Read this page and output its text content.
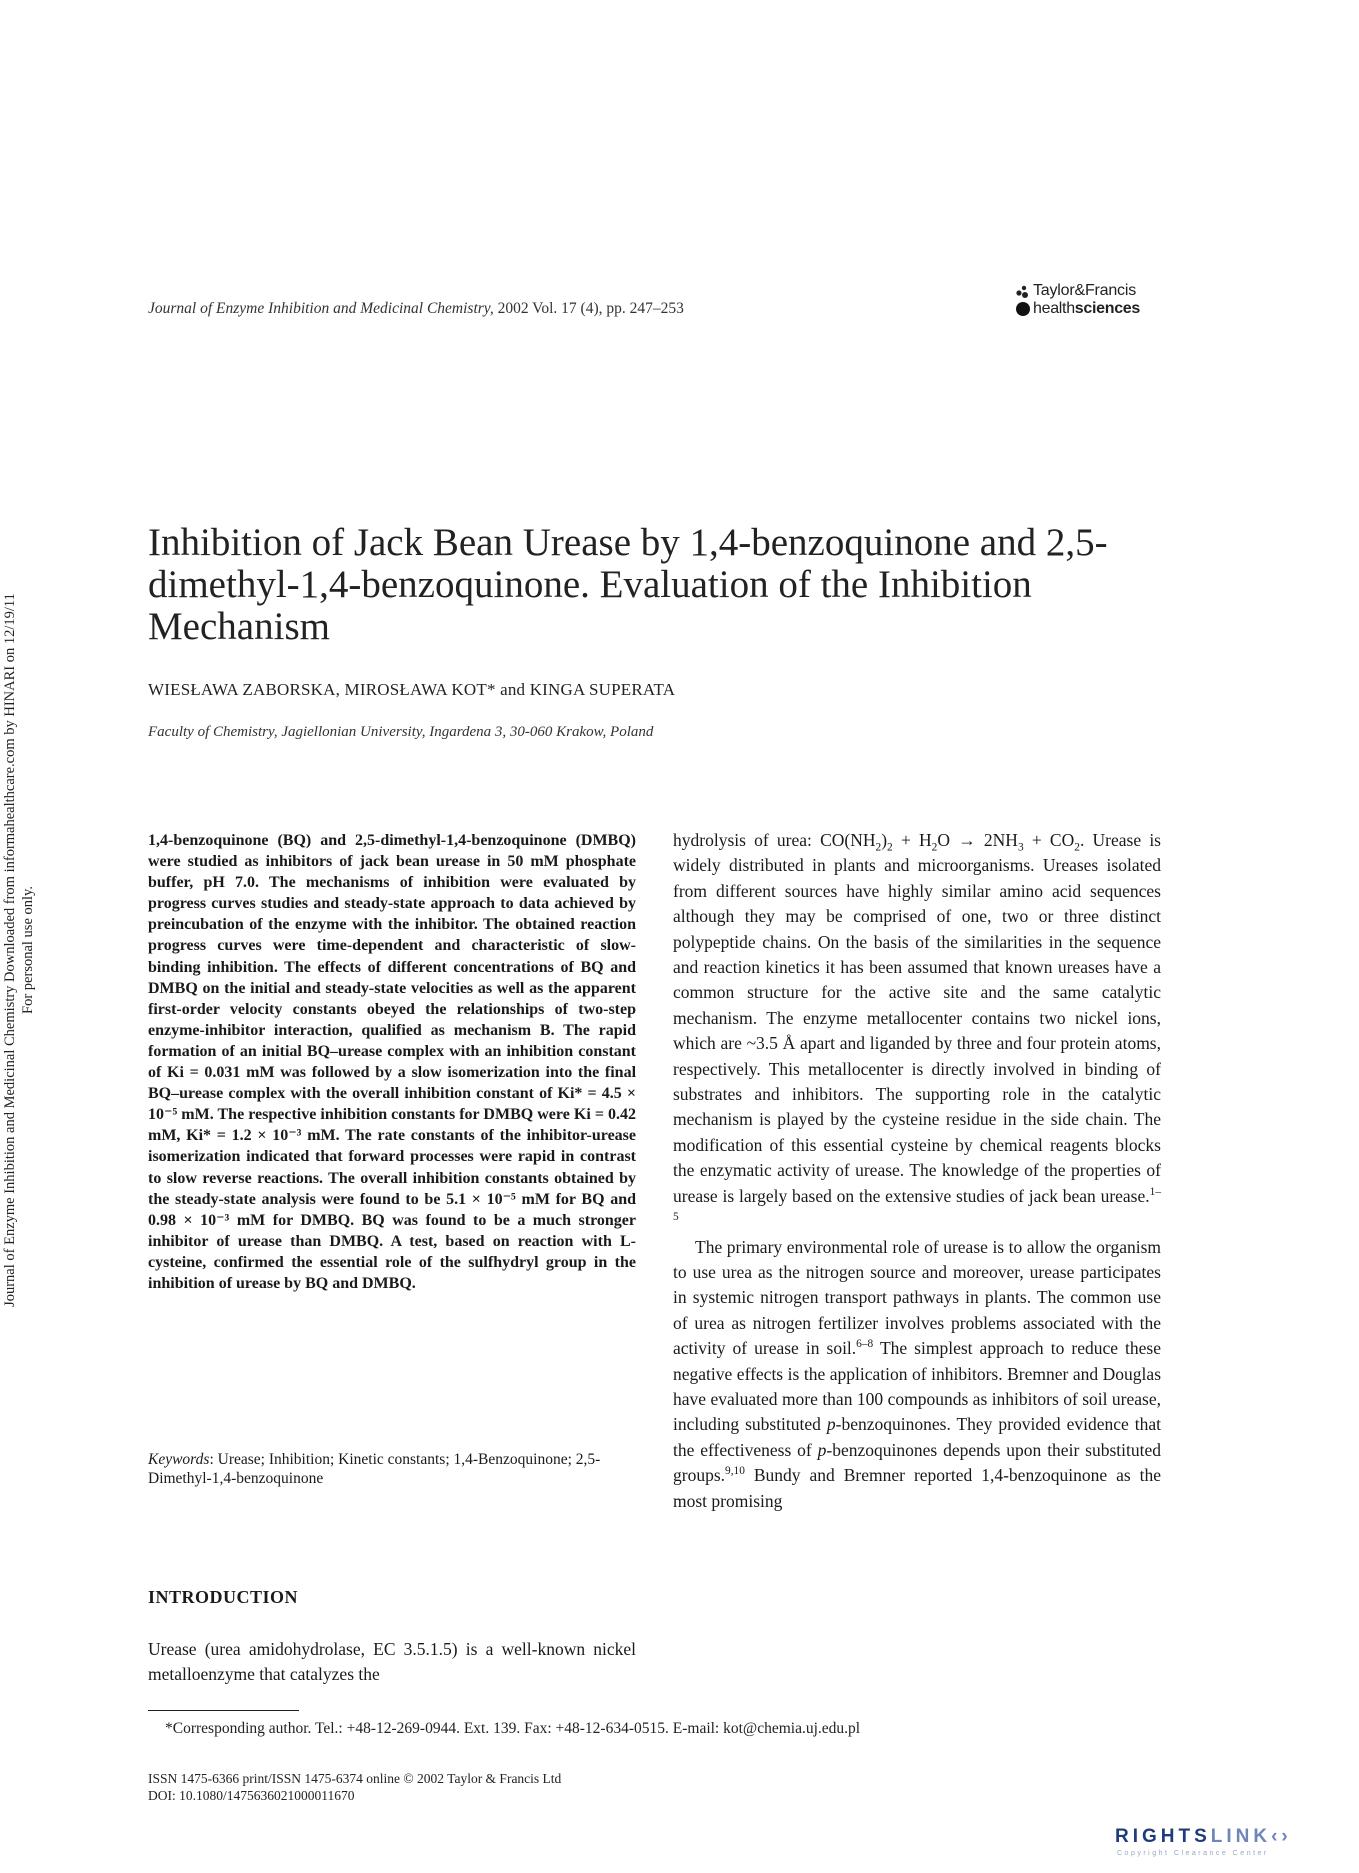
Journal of Enzyme Inhibition and Medicinal Chemistry, 2002 Vol. 17 (4), pp. 247–253
Taylor&Francis
healthsciences
Journal of Enzyme Inhibition and Medicinal Chemistry Downloaded from informahealthcare.com by HINARI on 12/19/11 For personal use only.
Inhibition of Jack Bean Urease by 1,4-benzoquinone and 2,5-dimethyl-1,4-benzoquinone. Evaluation of the Inhibition Mechanism
WIESŁAWA ZABORSKA, MIROSŁAWA KOT* and KINGA SUPERATA
Faculty of Chemistry, Jagiellonian University, Ingardena 3, 30-060 Krakow, Poland

1,4-benzoquinone (BQ) and 2,5-dimethyl-1,4-benzoquinone (DMBQ) were studied as inhibitors of jack bean urease in 50 mM phosphate buffer, pH 7.0. The mechanisms of inhibition were evaluated by progress curves studies and steady-state approach to data achieved by preincubation of the enzyme with the inhibitor. The obtained reaction progress curves were time-dependent and characteristic of slow-binding inhibition. The effects of different concentrations of BQ and DMBQ on the initial and steady-state velocities as well as the apparent first-order velocity constants obeyed the relationships of two-step enzyme-inhibitor interaction, qualified as mechanism B. The rapid formation of an initial BQ–urease complex with an inhibition constant of Ki = 0.031 mM was followed by a slow isomerization into the final BQ–urease complex with the overall inhibition constant of Ki* = 4.5 × 10⁻⁵ mM. The respective inhibition constants for DMBQ were Ki = 0.42 mM, Ki* = 1.2 × 10⁻³ mM. The rate constants of the inhibitor-urease isomerization indicated that forward processes were rapid in contrast to slow reverse reactions. The overall inhibition constants obtained by the steady-state analysis were found to be 5.1 × 10⁻⁵ mM for BQ and 0.98 × 10⁻³ mM for DMBQ. BQ was found to be a much stronger inhibitor of urease than DMBQ. A test, based on reaction with L-cysteine, confirmed the essential role of the sulfhydryl group in the inhibition of urease by BQ and DMBQ.

Keywords: Urease; Inhibition; Kinetic constants; 1,4-Benzoquinone; 2,5-Dimethyl-1,4-benzoquinone
INTRODUCTION

Urease (urea amidohydrolase, EC 3.5.1.5) is a well-known nickel metalloenzyme that catalyzes the

hydrolysis of urea: $CO(NH_2)_2 + H_2O \to 2NH_3 + CO_2$. Urease is widely distributed in plants and microorganisms. Ureases isolated from different sources have highly similar amino acid sequences although they may be comprised of one, two or three distinct polypeptide chains. On the basis of the similarities in the sequence and reaction kinetics it has been assumed that known ureases have a common structure for the active site and the same catalytic mechanism. The enzyme metallocenter contains two nickel ions, which are ~3.5 Å apart and liganded by three and four protein atoms, respectively. This metallocenter is directly involved in binding of substrates and inhibitors. The supporting role in the catalytic mechanism is played by the cysteine residue in the side chain. The modification of this essential cysteine by chemical reagents blocks the enzymatic activity of urease. The knowledge of the properties of urease is largely based on the extensive studies of jack bean urease.$^{1-5}$

The primary environmental role of urease is to allow the organism to use urea as the nitrogen source and moreover, urease participates in systemic nitrogen transport pathways in plants. The common use of urea as nitrogen fertilizer involves problems associated with the activity of urease in soil.$^{6-8}$ The simplest approach to reduce these negative effects is the application of inhibitors. Bremner and Douglas have evaluated more than 100 compounds as inhibitors of soil urease, including substituted p-benzoquinones. They provided evidence that the effectiveness of p-benzoquinones depends upon their substituted groups.$^{9,10}$ Bundy and Bremner reported 1,4-benzoquinone as the most promising

*Corresponding author. Tel.: +48-12-269-0944. Ext. 139. Fax: +48-12-634-0515. E-mail: kot@chemia.uj.edu.pl
ISSN 1475-6366 print/ISSN 1475-6374 online © 2002 Taylor & Francis Ltd
DOI: 10.1080/1475636021000011670
RIGHTSLINK‹›
Copyright Clearance Center
